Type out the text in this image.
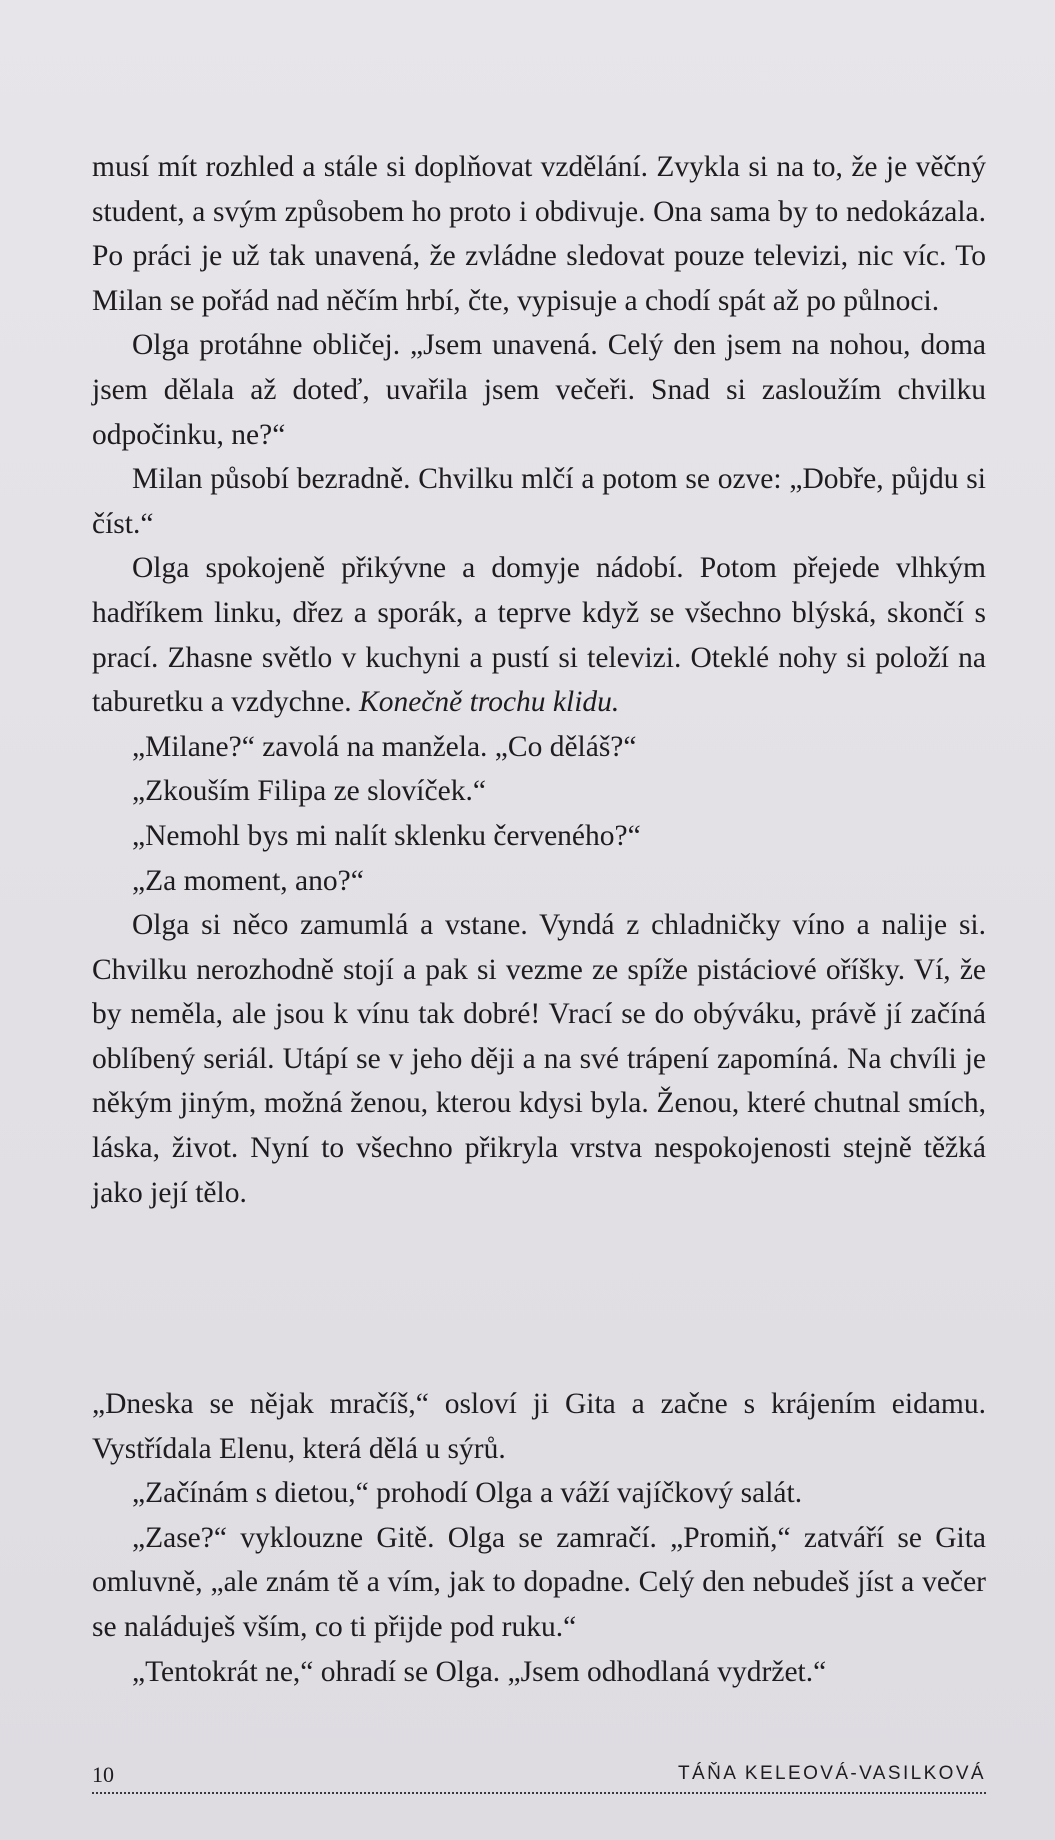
musí mít rozhled a stále si doplňovat vzdělání. Zvykla si na to, že je věčný student, a svým způsobem ho proto i obdivuje. Ona sama by to nedokázala. Po práci je už tak unavená, že zvládne sledovat pouze televizi, nic víc. To Milan se pořád nad něčím hrbí, čte, vypisuje a chodí spát až po půlnoci.

Olga protáhne obličej. „Jsem unavená. Celý den jsem na nohou, doma jsem dělala až doteď, uvařila jsem večeři. Snad si zasloužím chvilku odpočinku, ne?“

Milan působí bezradně. Chvilku mlčí a potom se ozve: „Dobře, půjdu si číst.“

Olga spokojeně přikývne a domyje nádobí. Potom přejede vlhkým hadříkem linku, dřez a sporák, a teprve když se všechno blýská, skončí s prací. Zhasne světlo v kuchyni a pustí si televizi. Oteklé nohy si položí na taburetku a vzdychne. Konečně trochu klidu.

„Milane?“ zavolá na manžela. „Co děláš?“

„Zkouším Filipa ze slovíček.“

„Nemohl bys mi nalít sklenku červeného?“

„Za moment, ano?“

Olga si něco zamumlá a vstane. Vyndá z chladničky víno a nalije si. Chvilku nerozhodně stojí a pak si vezme ze spíže pistáciové oříšky. Ví, že by neměla, ale jsou k vínu tak dobré! Vrací se do obýváku, právě jí začíná oblíbený seriál. Utápí se v jeho ději a na své trápení zapomíná. Na chvíli je někým jiným, možná ženou, kterou kdysi byla. Ženou, které chutnal smích, láska, život. Nyní to všechno přikryla vrstva nespokojenosti stejně těžká jako její tělo.

„Dneska se nějak mračíš,“ osloví ji Gita a začne s krájením eidamu. Vystřídala Elenu, která dělá u sýrů.

„Začínám s dietou,“ prohodí Olga a váží vajíčkový salát.

„Zase?“ vyklouzne Gitě. Olga se zamračí. „Promiň,“ zatváří se Gita omluvně, „ale znám tě a vím, jak to dopadne. Celý den nebudeš jíst a večer se naláduješ vším, co ti přijde pod ruku.“

„Tentokrát ne,“ ohradí se Olga. „Jsem odhodlaná vydržet.“

10	TÁŇA KELEOVÁ-VASILKOVÁ
